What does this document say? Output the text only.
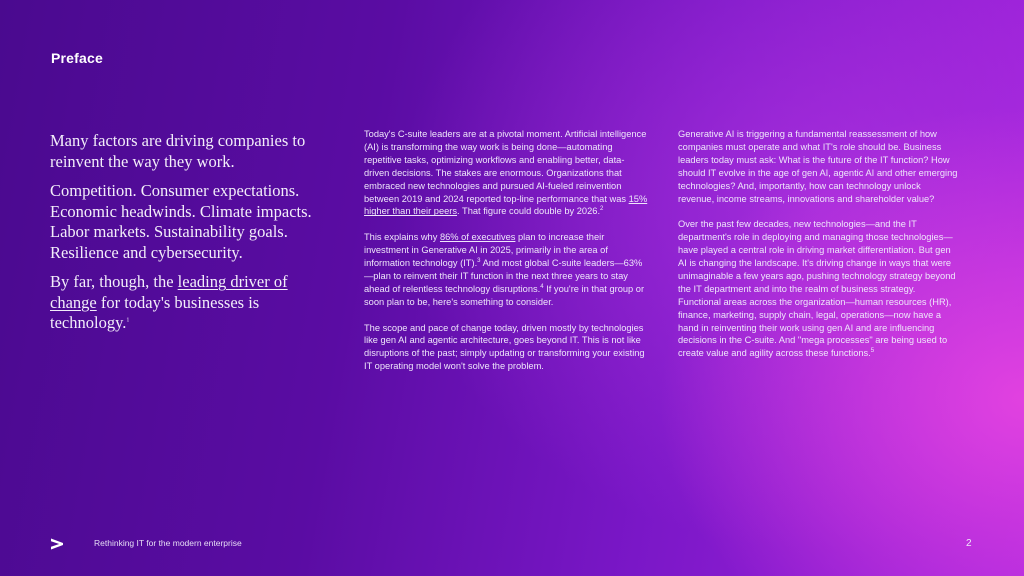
Preface

Many factors are driving companies to reinvent the way they work.

Competition. Consumer expectations. Economic headwinds. Climate impacts. Labor markets. Sustainability goals. Resilience and cybersecurity.

By far, though, the leading driver of change for today's businesses is technology.$^1$

Today's C-suite leaders are at a pivotal moment. Artificial intelligence (AI) is transforming the way work is being done—automating repetitive tasks, optimizing workflows and enabling better, data-driven decisions. The stakes are enormous. Organizations that embraced new technologies and pursued AI-fueled reinvention between 2019 and 2024 reported top-line performance that was 15% higher than their peers. That figure could double by 2026.$^2$

This explains why 86% of executives plan to increase their investment in Generative AI in 2025, primarily in the area of information technology (IT).$^3$ And most global C-suite leaders—63%—plan to reinvent their IT function in the next three years to stay ahead of relentless technology disruptions.$^4$ If you're in that group or soon plan to be, here's something to consider.

The scope and pace of change today, driven mostly by technologies like gen AI and agentic architecture, goes beyond IT. This is not like disruptions of the past; simply updating or transforming your existing IT operating model won't solve the problem.

Generative AI is triggering a fundamental reassessment of how companies must operate and what IT's role should be. Business leaders today must ask: What is the future of the IT function? How should IT evolve in the age of gen AI, agentic AI and other emerging technologies? And, importantly, how can technology unlock revenue, income streams, innovations and shareholder value?

Over the past few decades, new technologies—and the IT department's role in deploying and managing those technologies—have played a central role in driving market differentiation. But gen AI is changing the landscape. It's driving change in ways that were unimaginable a few years ago, pushing technology strategy beyond the IT department and into the realm of business strategy. Functional areas across the organization—human resources (HR), finance, marketing, supply chain, legal, operations—now have a hand in reinventing their work using gen AI and are influencing decisions in the C-suite. And "mega processes" are being used to create value and agility across these functions.$^5$

Rethinking IT for the modern enterprise	2
